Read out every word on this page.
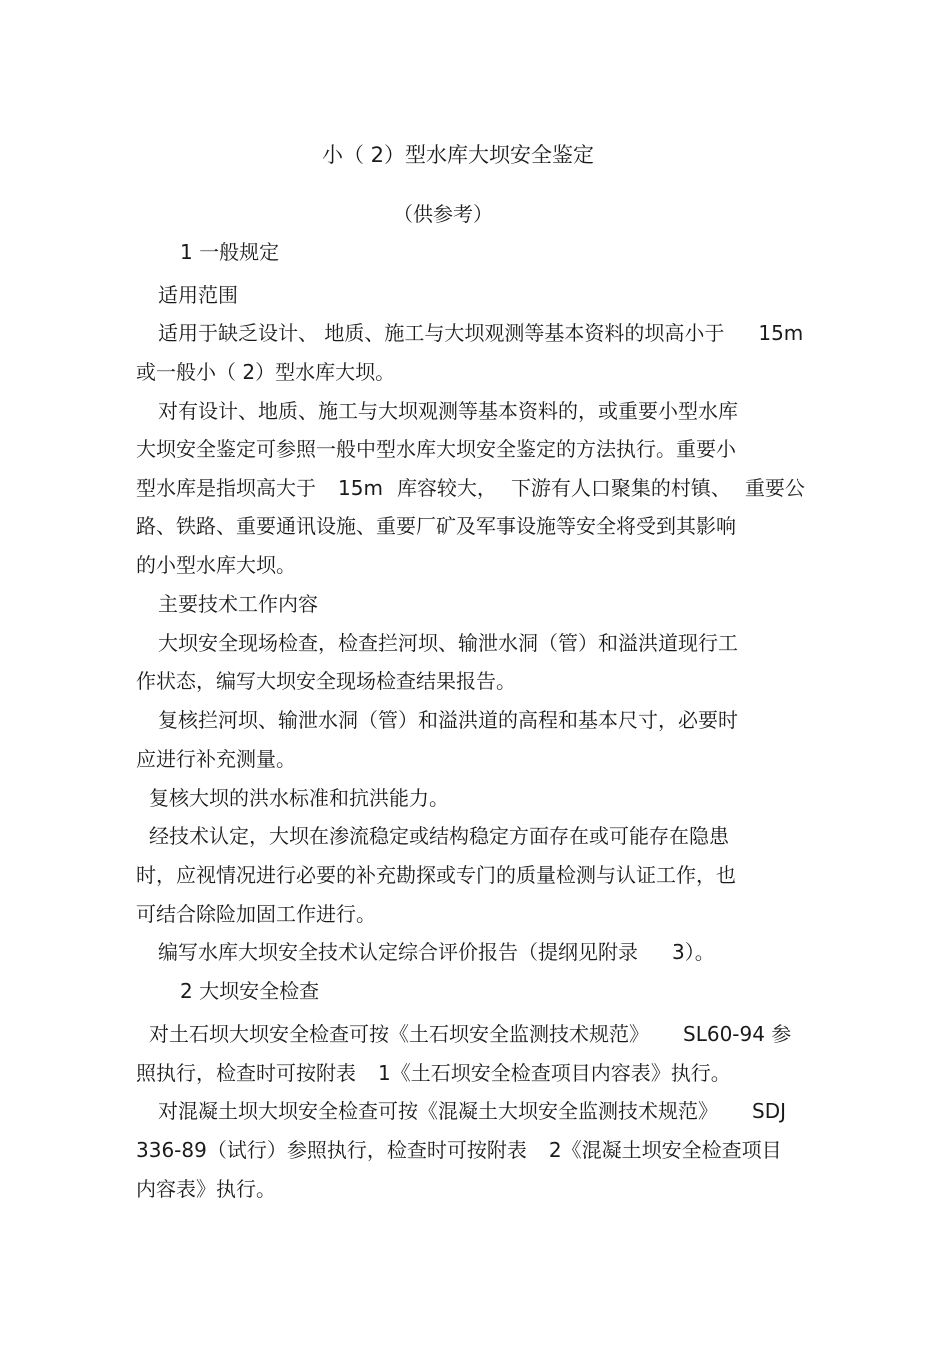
小（ 2）型水库大坝安全鉴定

（供参考）

1 一般规定

适用范围

适用于缺乏设计、 地质、施工与大坝观测等基本资料的坝高小于 15m

或一般小（ 2）型水库大坝。

对有设计、地质、施工与大坝观测等基本资料的，或重要小型水库

大坝安全鉴定可参照一般中型水库大坝安全鉴定的方法执行。重要小

型水库是指坝高大于 15m 库容较大， 下游有人口聚集的村镇、 重要公

路、铁路、重要通讯设施、重要厂矿及军事设施等安全将受到其影响

的小型水库大坝。

主要技术工作内容

大坝安全现场检查，检查拦河坝、输泄水洞（管）和溢洪道现行工

作状态，编写大坝安全现场检查结果报告。

复核拦河坝、输泄水洞（管）和溢洪道的高程和基本尺寸，必要时

应进行补充测量。

复核大坝的洪水标准和抗洪能力。

经技术认定，大坝在渗流稳定或结构稳定方面存在或可能存在隐患

时，应视情况进行必要的补充勘探或专门的质量检测与认证工作，也

可结合除险加固工作进行。

编写水库大坝安全技术认定综合评价报告（提纲见附录 3）。

2 大坝安全检查

对土石坝大坝安全检查可按《土石坝安全监测技术规范》 SL60-94 参

照执行，检查时可按附表 1《土石坝安全检查项目内容表》执行。

对混凝土坝大坝安全检查可按《混凝土大坝安全监测技术规范》 SDJ

336-89（试行）参照执行，检查时可按附表 2《混凝土坝安全检查项目

内容表》执行。
